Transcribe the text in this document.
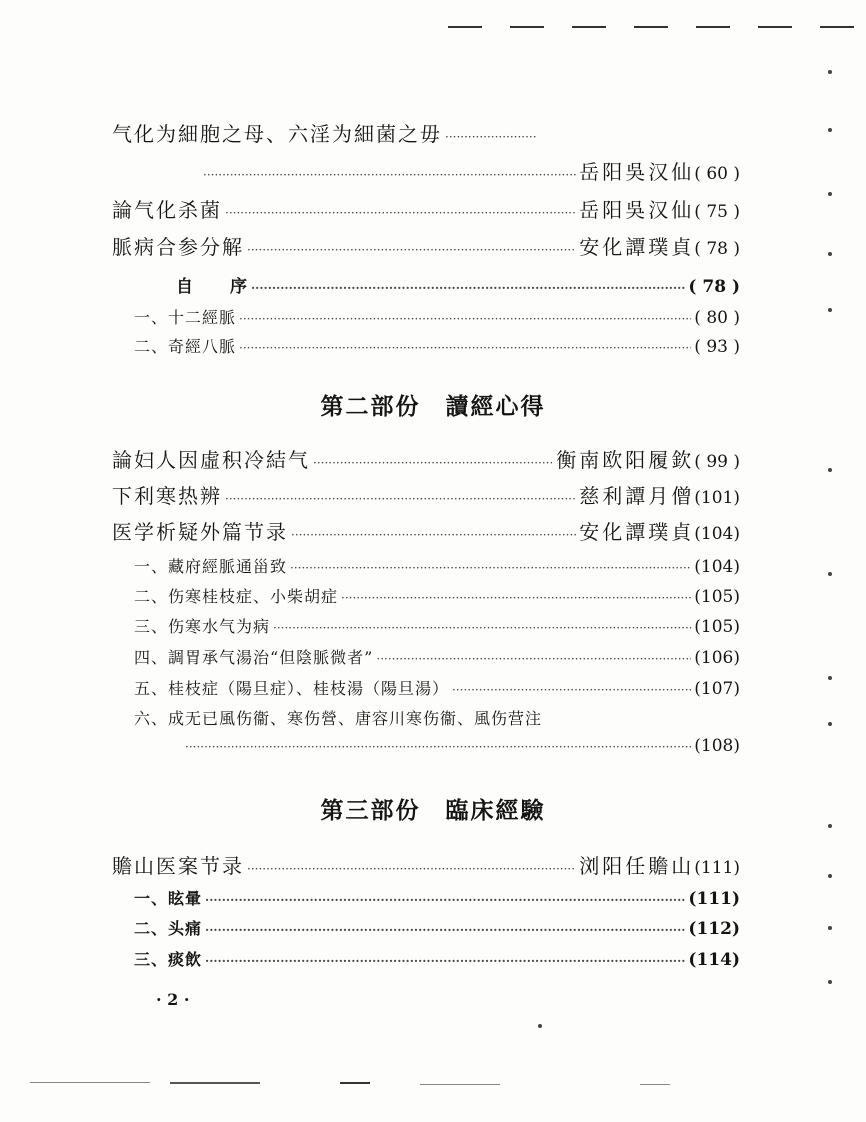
气化为細胞之母、六淫为細菌之毋
·····
·····
岳阳吳汉仙 ( 60 )
論气化杀菌 ·····	岳阳吳汉仙 ( 75 )
脈病合参分解 ·····	安化譚璞貞 ( 78 )
自　　序 ·····	( 78 )
一、十二經脈 ·····	( 80 )
二、奇經八脈 ·····	( 93 )
第二部份　讀經心得
論妇人因虛积冷結气 ·····	衡南欧阳履欽 ( 99 )
下利寒热辨 ·····	慈利譚月僧 (101)
医学析疑外篇节录 ·····	安化譚璞貞 (104)
一、藏府經脈通甾致 ·····	(104)
二、伤寒桂枝症、小柴胡症 ·····	(105)
三、伤寒水气为病 ·····	(105)
四、調胃承气湯治“但陰脈微者” ·····	(106)
五、桂枝症（陽旦症）、桂枝湯（陽旦湯） ·····	(107)
六、成无已風伤衞、寒伤營、唐容川寒伤衞、風伤营注
·····
(108)
第三部份　臨床經驗
贍山医案节录 ·····	浏阳任贍山 (111)
一、眩暈 ·····	(111)
二、头痛 ·····	(112)
三、痰飲 ·····	(114)
· 2 ·
